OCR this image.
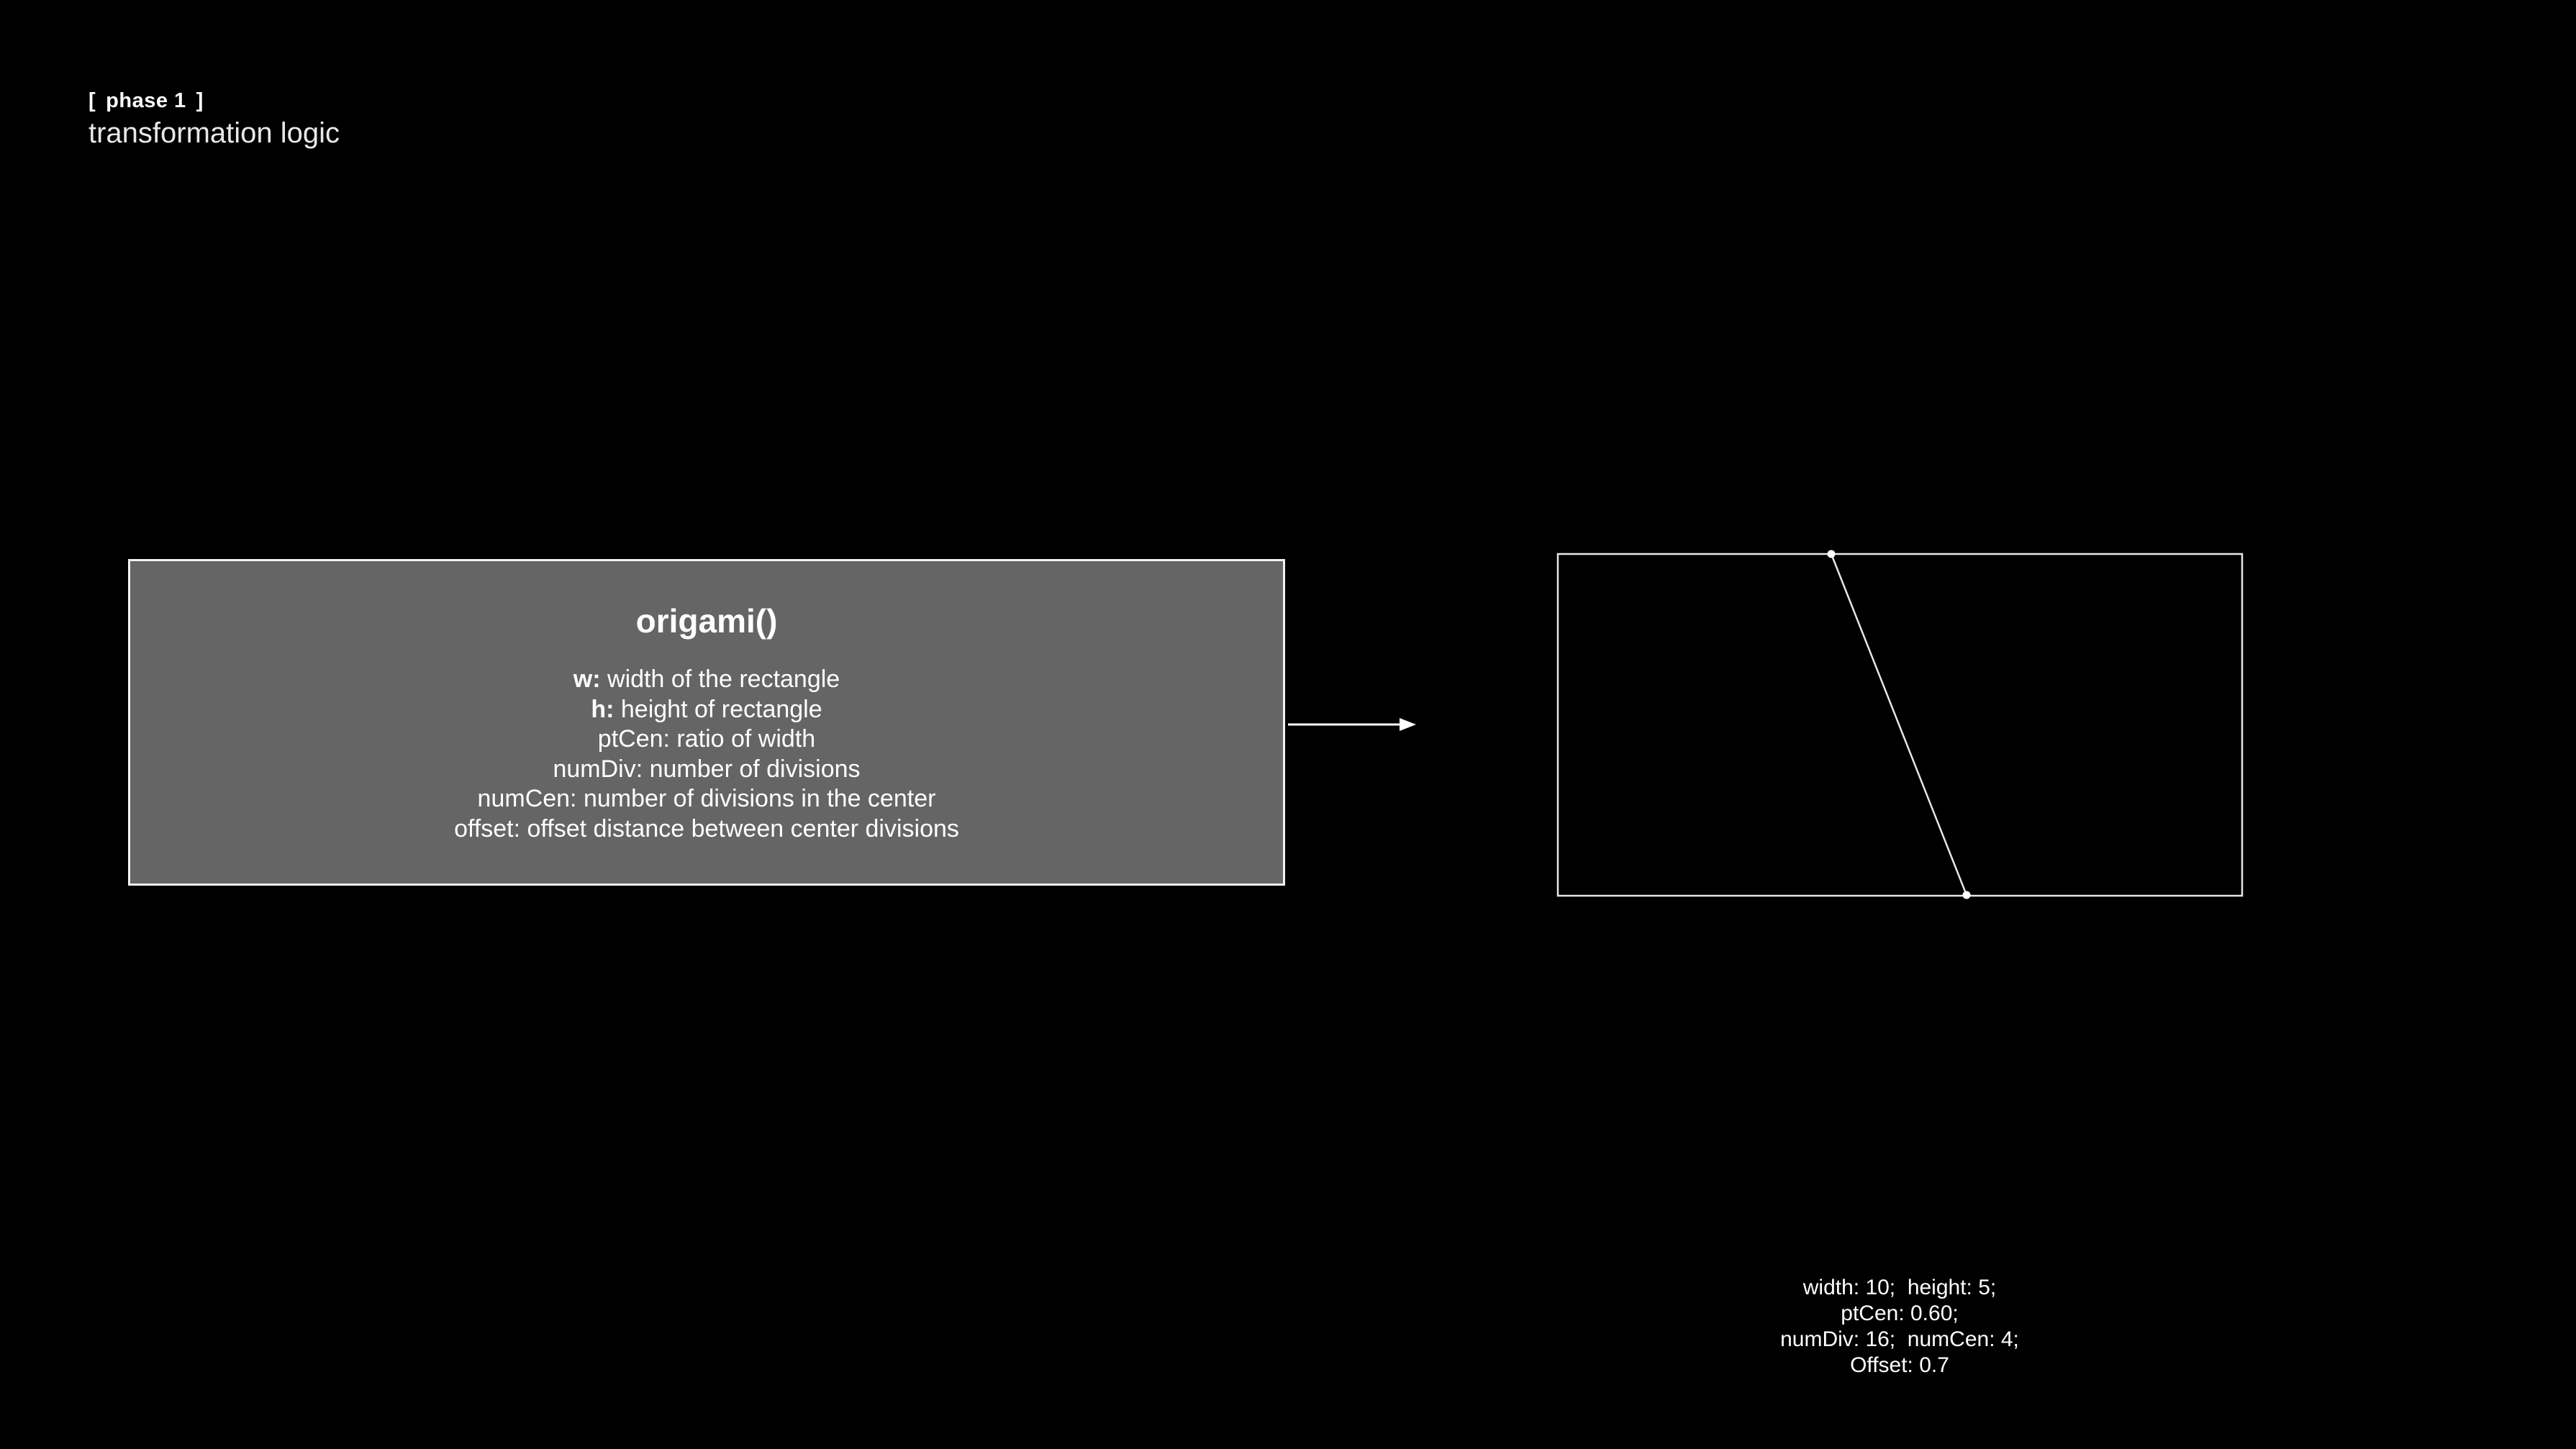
[ phase 1 ]
transformation logic
origami()
w: width of the rectangle
h: height of rectangle
ptCen: ratio of width
numDiv: number of divisions
numCen: number of divisions in the center
offset: offset distance between center divisions
width: 10;  height: 5;
ptCen: 0.60;
numDiv: 16;  numCen: 4;
Offset: 0.7
